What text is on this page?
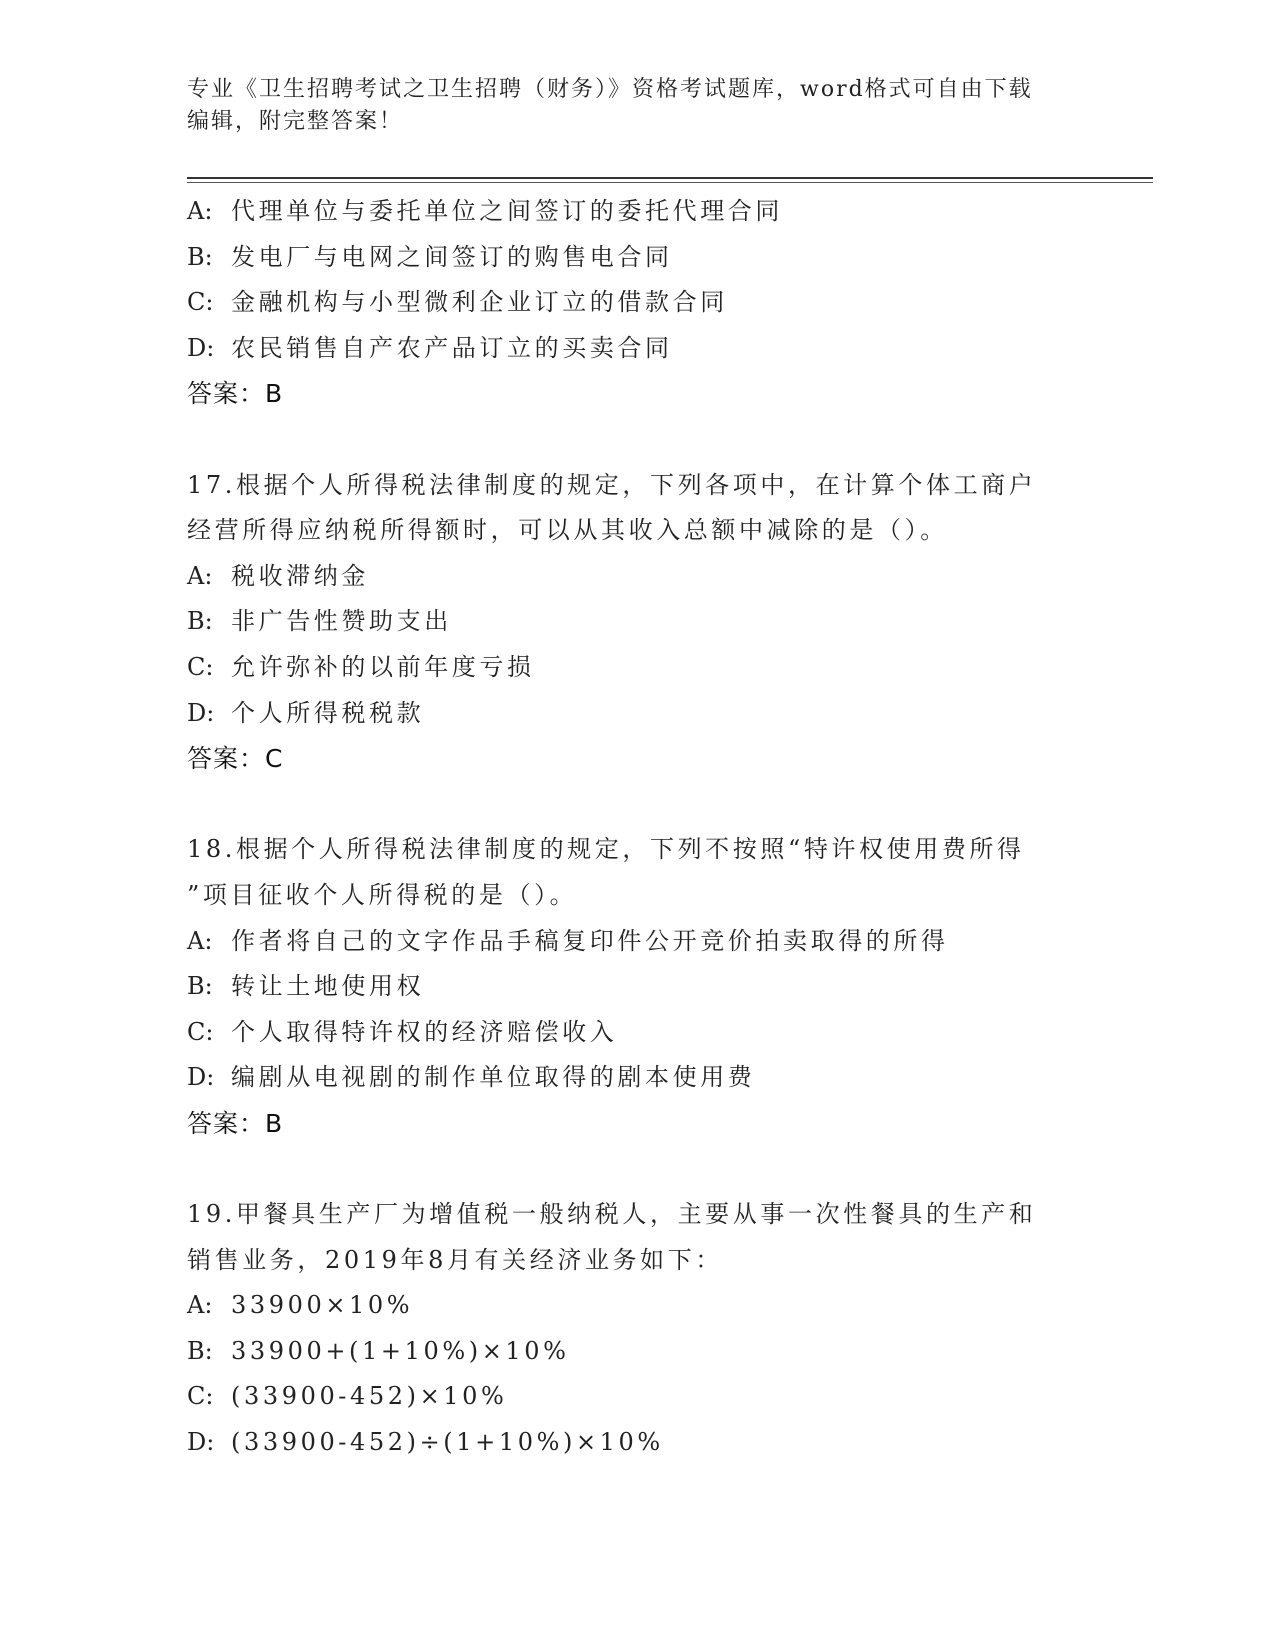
专业《卫生招聘考试之卫生招聘（财务）》资格考试题库，word格式可自由下载
编辑，附完整答案！
A: 代理单位与委托单位之间签订的委托代理合同
B: 发电厂与电网之间签订的购售电合同
C: 金融机构与小型微利企业订立的借款合同
D: 农民销售自产农产品订立的买卖合同
答案：B
17.根据个人所得税法律制度的规定，下列各项中，在计算个体工商户
经营所得应纳税所得额时，可以从其收入总额中减除的是（）。
A: 税收滞纳金
B: 非广告性赞助支出
C: 允许弥补的以前年度亏损
D: 个人所得税税款
答案：C
18.根据个人所得税法律制度的规定，下列不按照“特许权使用费所得
”项目征收个人所得税的是（）。
A: 作者将自己的文字作品手稿复印件公开竞价拍卖取得的所得
B: 转让土地使用权
C: 个人取得特许权的经济赔偿收入
D: 编剧从电视剧的制作单位取得的剧本使用费
答案：B
19.甲餐具生产厂为增值税一般纳税人，主要从事一次性餐具的生产和
销售业务，2019年8月有关经济业务如下：
A: 33900×10%
B: 33900+(1+10%)×10%
C: (33900-452)×10%
D: (33900-452)÷(1+10%)×10%
